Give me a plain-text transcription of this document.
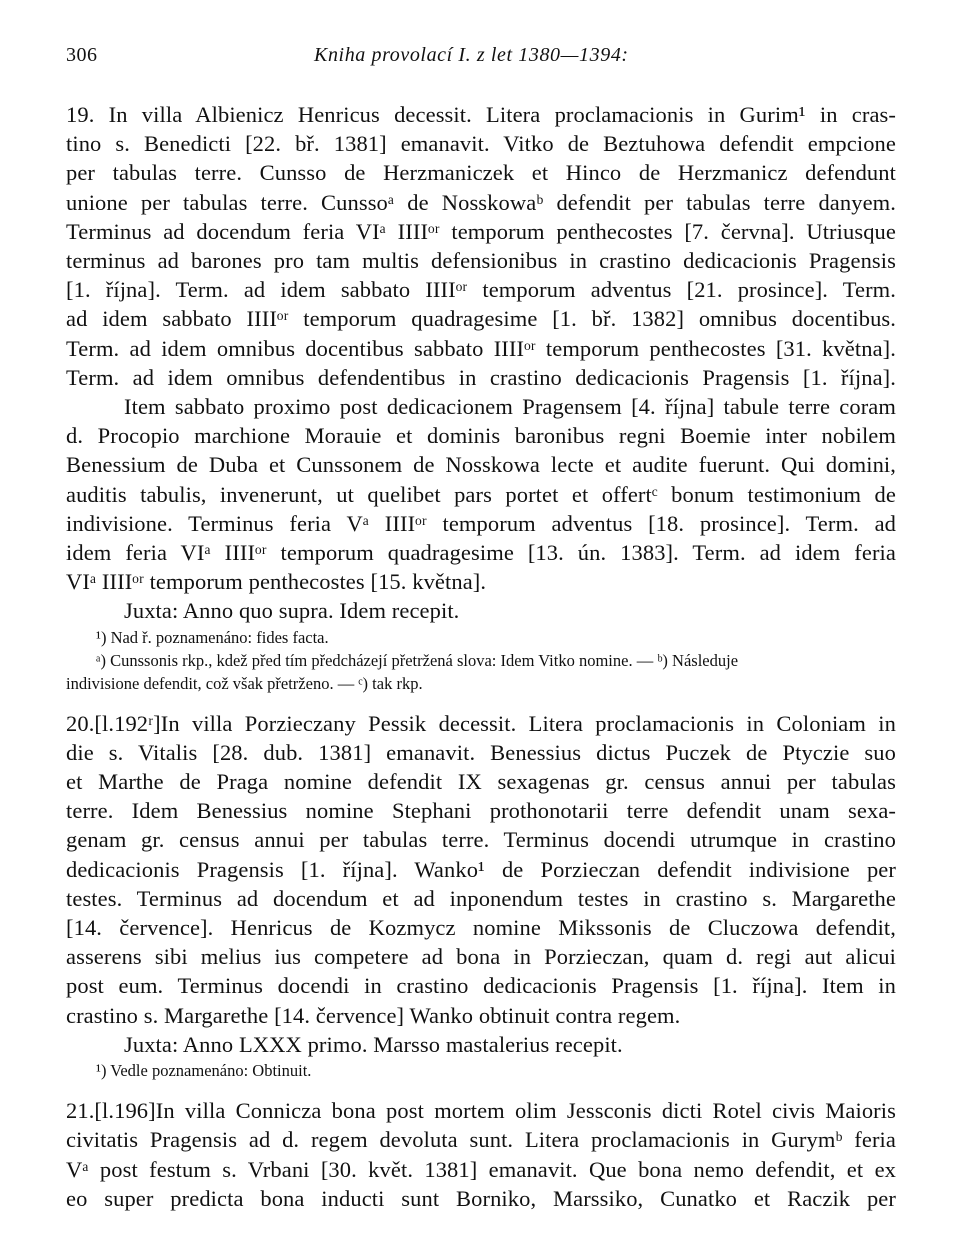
306	Kniha provolací I. z let 1380—1394:
19. In villa Albienicz Henricus decessit. Litera proclamacionis in Gurim¹ in cras-
tino s. Benedicti [22. bř. 1381] emanavit. Vitko de Beztuhowa defendit empcione
per tabulas terre. Cunsso de Herzmaniczek et Hinco de Herzmanicz defendunt
unione per tabulas terre. Cunssoᵃ de Nosskowaᵇ defendit per tabulas terre danyem.
Terminus ad docendum feria VIᵃ IIIIᵒʳ temporum penthecostes [7. června]. Utriusque
terminus ad barones pro tam multis defensionibus in crastino dedicacionis Pragensis
[1. října]. Term. ad idem sabbato IIIIᵒʳ temporum adventus [21. prosince]. Term.
ad idem sabbato IIIIᵒʳ temporum quadragesime [1. bř. 1382] omnibus docentibus.
Term. ad idem omnibus docentibus sabbato IIIIᵒʳ temporum penthecostes [31. května].
Term. ad idem omnibus defendentibus in crastino dedicacionis Pragensis [1. října].
Item sabbato proximo post dedicacionem Pragensem [4. října] tabule terre coram
d. Procopio marchione Morauie et dominis baronibus regni Boemie inter nobilem
Benessium de Duba et Cunssonem de Nosskowa lecte et audite fuerunt. Qui domini,
auditis tabulis, invenerunt, ut quelibet pars portet et offertᶜ bonum testimonium de
indivisione. Terminus feria Vᵃ IIIIᵒʳ temporum adventus [18. prosince]. Term. ad
idem feria VIᵃ IIIIᵒʳ temporum quadragesime [13. ún. 1383]. Term. ad idem feria
VIᵃ IIIIᵒʳ temporum penthecostes [15. května].
Juxta: Anno quo supra. Idem recepit.
¹) Nad ř. poznamenáno: fides facta.
ᵃ) Cunssonis rkp., kdež před tím předcházejí přetržená slova: Idem Vitko nomine. — ᵇ) Následuje
indivisione defendit, což však přetrženo. — ᶜ) tak rkp.
20.[l.192ʳ]In villa Porzieczany Pessik decessit. Litera proclamacionis in Coloniam in
die s. Vitalis [28. dub. 1381] emanavit. Benessius dictus Puczek de Ptyczie suo
et Marthe de Praga nomine defendit IX sexagenas gr. census annui per tabulas
terre. Idem Benessius nomine Stephani prothonotarii terre defendit unam sexa-
genam gr. census annui per tabulas terre. Terminus docendi utrumque in crastino
dedicacionis Pragensis [1. října]. Wanko¹ de Porzieczan defendit indivisione per
testes. Terminus ad docendum et ad inponendum testes in crastino s. Margarethe
[14. července]. Henricus de Kozmycz nomine Mikssonis de Cluczowa defendit,
asserens sibi melius ius competere ad bona in Porzieczan, quam d. regi aut alicui
post eum. Terminus docendi in crastino dedicacionis Pragensis [1. října]. Item in
crastino s. Margarethe [14. července] Wanko obtinuit contra regem.
Juxta: Anno LXXX primo. Marsso mastalerius recepit.
¹) Vedle poznamenáno: Obtinuit.
21.[l.196]In villa Connicza bona post mortem olim Jessconis dicti Rotel civis Maioris
civitatis Pragensis ad d. regem devoluta sunt. Litera proclamacionis in Gurymᵇ feria
Vᵃ post festum s. Vrbani [30. květ. 1381] emanavit. Que bona nemo defendit, et ex
eo super predicta bona inducti sunt Borniko, Marssiko, Cunatko et Raczik per
